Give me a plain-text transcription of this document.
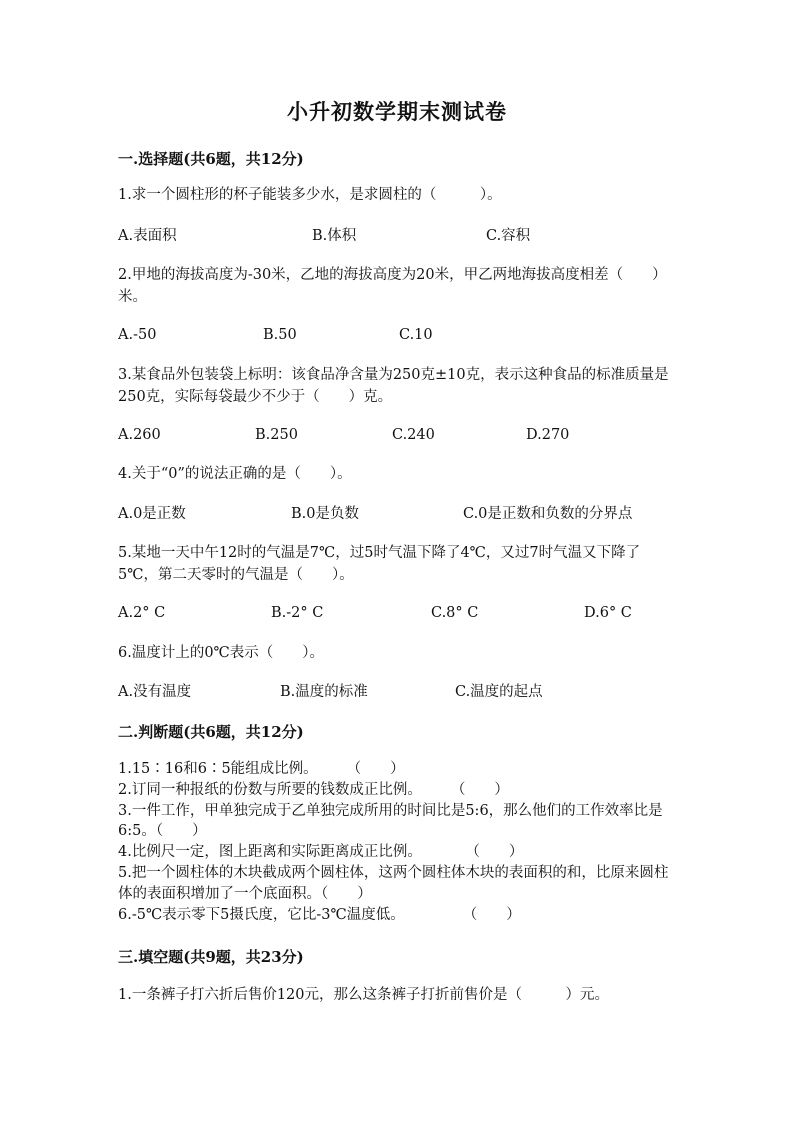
小升初数学期末测试卷
一.选择题(共6题，共12分)
1.求一个圆柱形的杯子能装多少水，是求圆柱的（　　　）。
A.表面积	B.体积	C.容积
2.甲地的海拔高度为-30米，乙地的海拔高度为20米，甲乙两地海拔高度相差（　　）米。
A.-50	B.50	C.10
3.某食品外包装袋上标明：该食品净含量为250克±10克，表示这种食品的标准质量是250克，实际每袋最少不少于（　　）克。
A.260	B.250	C.240	D.270
4.关于“0”的说法正确的是（　　）。
A.0是正数	B.0是负数	C.0是正数和负数的分界点
5.某地一天中午12时的气温是7℃，过5时气温下降了4℃，又过7时气温又下降了5℃，第二天零时的气温是（　　）。
A.2° C	B.-2° C	C.8° C	D.6° C
6.温度计上的0℃表示（　　）。
A.没有温度	B.温度的标准	C.温度的起点
二.判断题(共6题，共12分)
1.15∶16和6∶5能组成比例。　　　（　　）
2.订同一种报纸的份数与所要的钱数成正比例。　　　（　　）
3.一件工作，甲单独完成于乙单独完成所用的时间比是5:6，那么他们的工作效率比是6:5。（　　）
4.比例尺一定，图上距离和实际距离成正比例。　　　　（　　）
5.把一个圆柱体的木块截成两个圆柱体，这两个圆柱体木块的表面积的和，比原来圆柱体的表面积增加了一个底面积。（　　）
6.-5℃表示零下5摄氏度，它比-3℃温度低。　　　　　（　　）
三.填空题(共9题，共23分)
1.一条裤子打六折后售价120元，那么这条裤子打折前售价是（　　　）元。
